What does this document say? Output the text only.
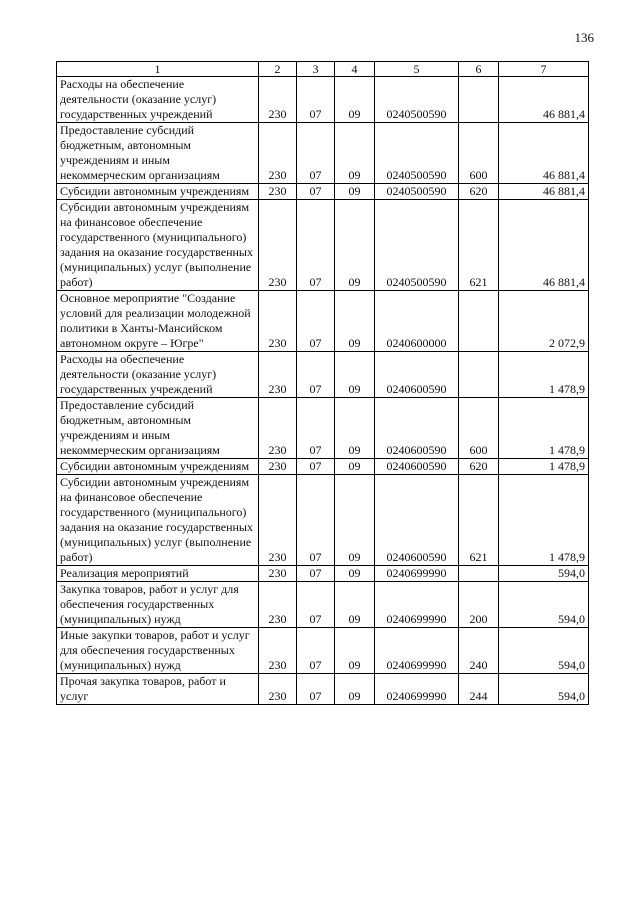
136
1	2	3	4	5	6	7
Расходы на обеспечение деятельности (оказание услуг) государственных учреждений	230	07	09	0240500590		46 881,4
Предоставление субсидий бюджетным, автономным учреждениям и иным некоммерческим организациям	230	07	09	0240500590	600	46 881,4
Субсидии автономным учреждениям	230	07	09	0240500590	620	46 881,4
Субсидии автономным учреждениям на финансовое обеспечение государственного (муниципального) задания на оказание государственных (муниципальных) услуг (выполнение работ)	230	07	09	0240500590	621	46 881,4
Основное мероприятие "Создание условий для реализации молодежной политики в Ханты-Мансийском автономном округе – Югре"	230	07	09	0240600000		2 072,9
Расходы на обеспечение деятельности (оказание услуг) государственных учреждений	230	07	09	0240600590		1 478,9
Предоставление субсидий бюджетным, автономным учреждениям и иным некоммерческим организациям	230	07	09	0240600590	600	1 478,9
Субсидии автономным учреждениям	230	07	09	0240600590	620	1 478,9
Субсидии автономным учреждениям на финансовое обеспечение государственного (муниципального) задания на оказание государственных (муниципальных) услуг (выполнение работ)	230	07	09	0240600590	621	1 478,9
Реализация мероприятий	230	07	09	0240699990		594,0
Закупка товаров, работ и услуг для обеспечения государственных (муниципальных) нужд	230	07	09	0240699990	200	594,0
Иные закупки товаров, работ и услуг для обеспечения государственных (муниципальных) нужд	230	07	09	0240699990	240	594,0
Прочая закупка товаров, работ и услуг	230	07	09	0240699990	244	594,0
